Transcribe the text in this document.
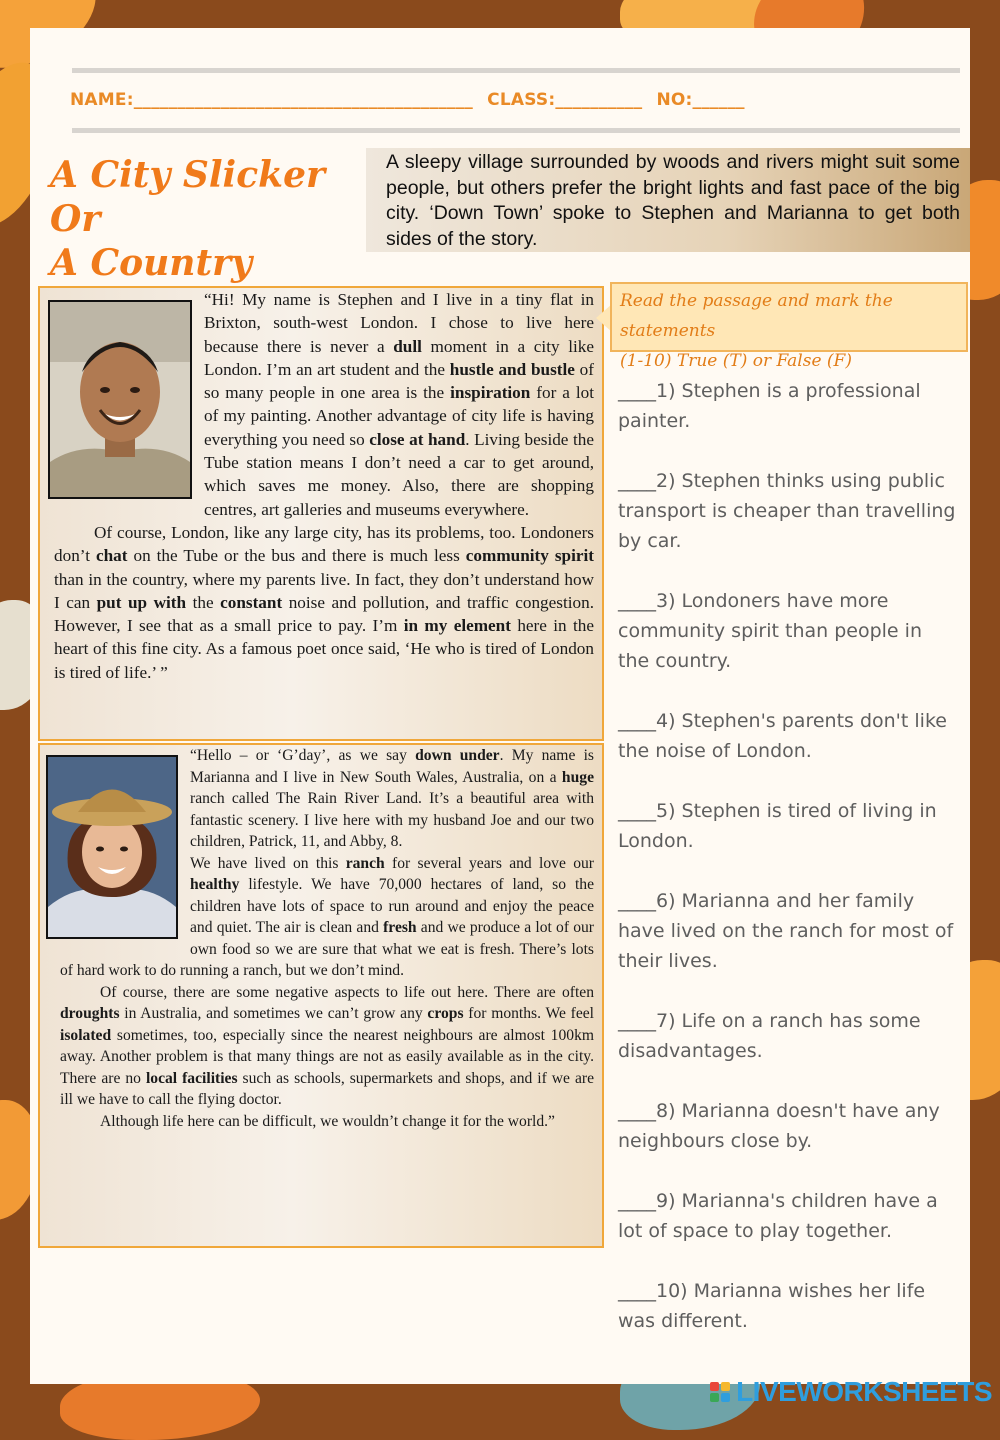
NAME:_______________________________________ CLASS:__________ NO:______
A City Slicker Or
A Country
A sleepy village surrounded by woods and rivers might suit some people, but others prefer the bright lights and fast pace of the big city. ‘Down Town’ spoke to Stephen and Marianna to get both sides of the story.

“Hi! My name is Stephen and I live in a tiny flat in Brixton, south-west London. I chose to live here because there is never a dull moment in a city like London. I’m an art student and the hustle and bustle of so many people in one area is the inspiration for a lot of my painting. Another advantage of city life is having everything you need so close at hand. Living beside the Tube station means I don’t need a car to get around, which saves me money. Also, there are shopping centres, art galleries and museums everywhere.

Of course, London, like any large city, has its problems, too. Londoners don’t chat on the Tube or the bus and there is much less community spirit than in the country, where my parents live. In fact, they don’t understand how I can put up with the constant noise and pollution, and traffic congestion. However, I see that as a small price to pay. I’m in my element here in the heart of this fine city. As a famous poet once said, ‘He who is tired of London is tired of life.’ ”

“Hello – or ‘G’day’, as we say down under. My name is Marianna and I live in New South Wales, Australia, on a huge ranch called The Rain River Land. It’s a beautiful area with fantastic scenery. I live here with my husband Joe and our two children, Patrick, 11, and Abby, 8.

We have lived on this ranch for several years and love our healthy lifestyle. We have 70,000 hectares of land, so the children have lots of space to run around and enjoy the peace and quiet. The air is clean and fresh and we produce a lot of our own food so we are sure that what we eat is fresh. There’s lots of hard work to do running a ranch, but we don’t mind.

Of course, there are some negative aspects to life out here. There are often droughts in Australia, and sometimes we can’t grow any crops for months. We feel isolated sometimes, too, especially since the nearest neighbours are almost 100km away. Another problem is that many things are not as easily available as in the city. There are no local facilities such as schools, supermarkets and shops, and if we are ill we have to call the flying doctor.

Although life here can be difficult, we wouldn’t change it for the world.”

Read the passage and mark the statements
(1-10) True (T) or False (F)
____1) Stephen is a professional painter.
____2) Stephen thinks using public transport is cheaper than travelling by car.
____3) Londoners have more community spirit than people in the country.
____4) Stephen's parents don't like the noise of London.
____5) Stephen is tired of living in London.
____6) Marianna and her family have lived on the ranch for most of their lives.
____7) Life on a ranch has some disadvantages.
____8) Marianna doesn't have any neighbours close by.
____9) Marianna's children have a lot of space to play together.
____10) Marianna wishes her life was different.
LIVEWORKSHEETS
